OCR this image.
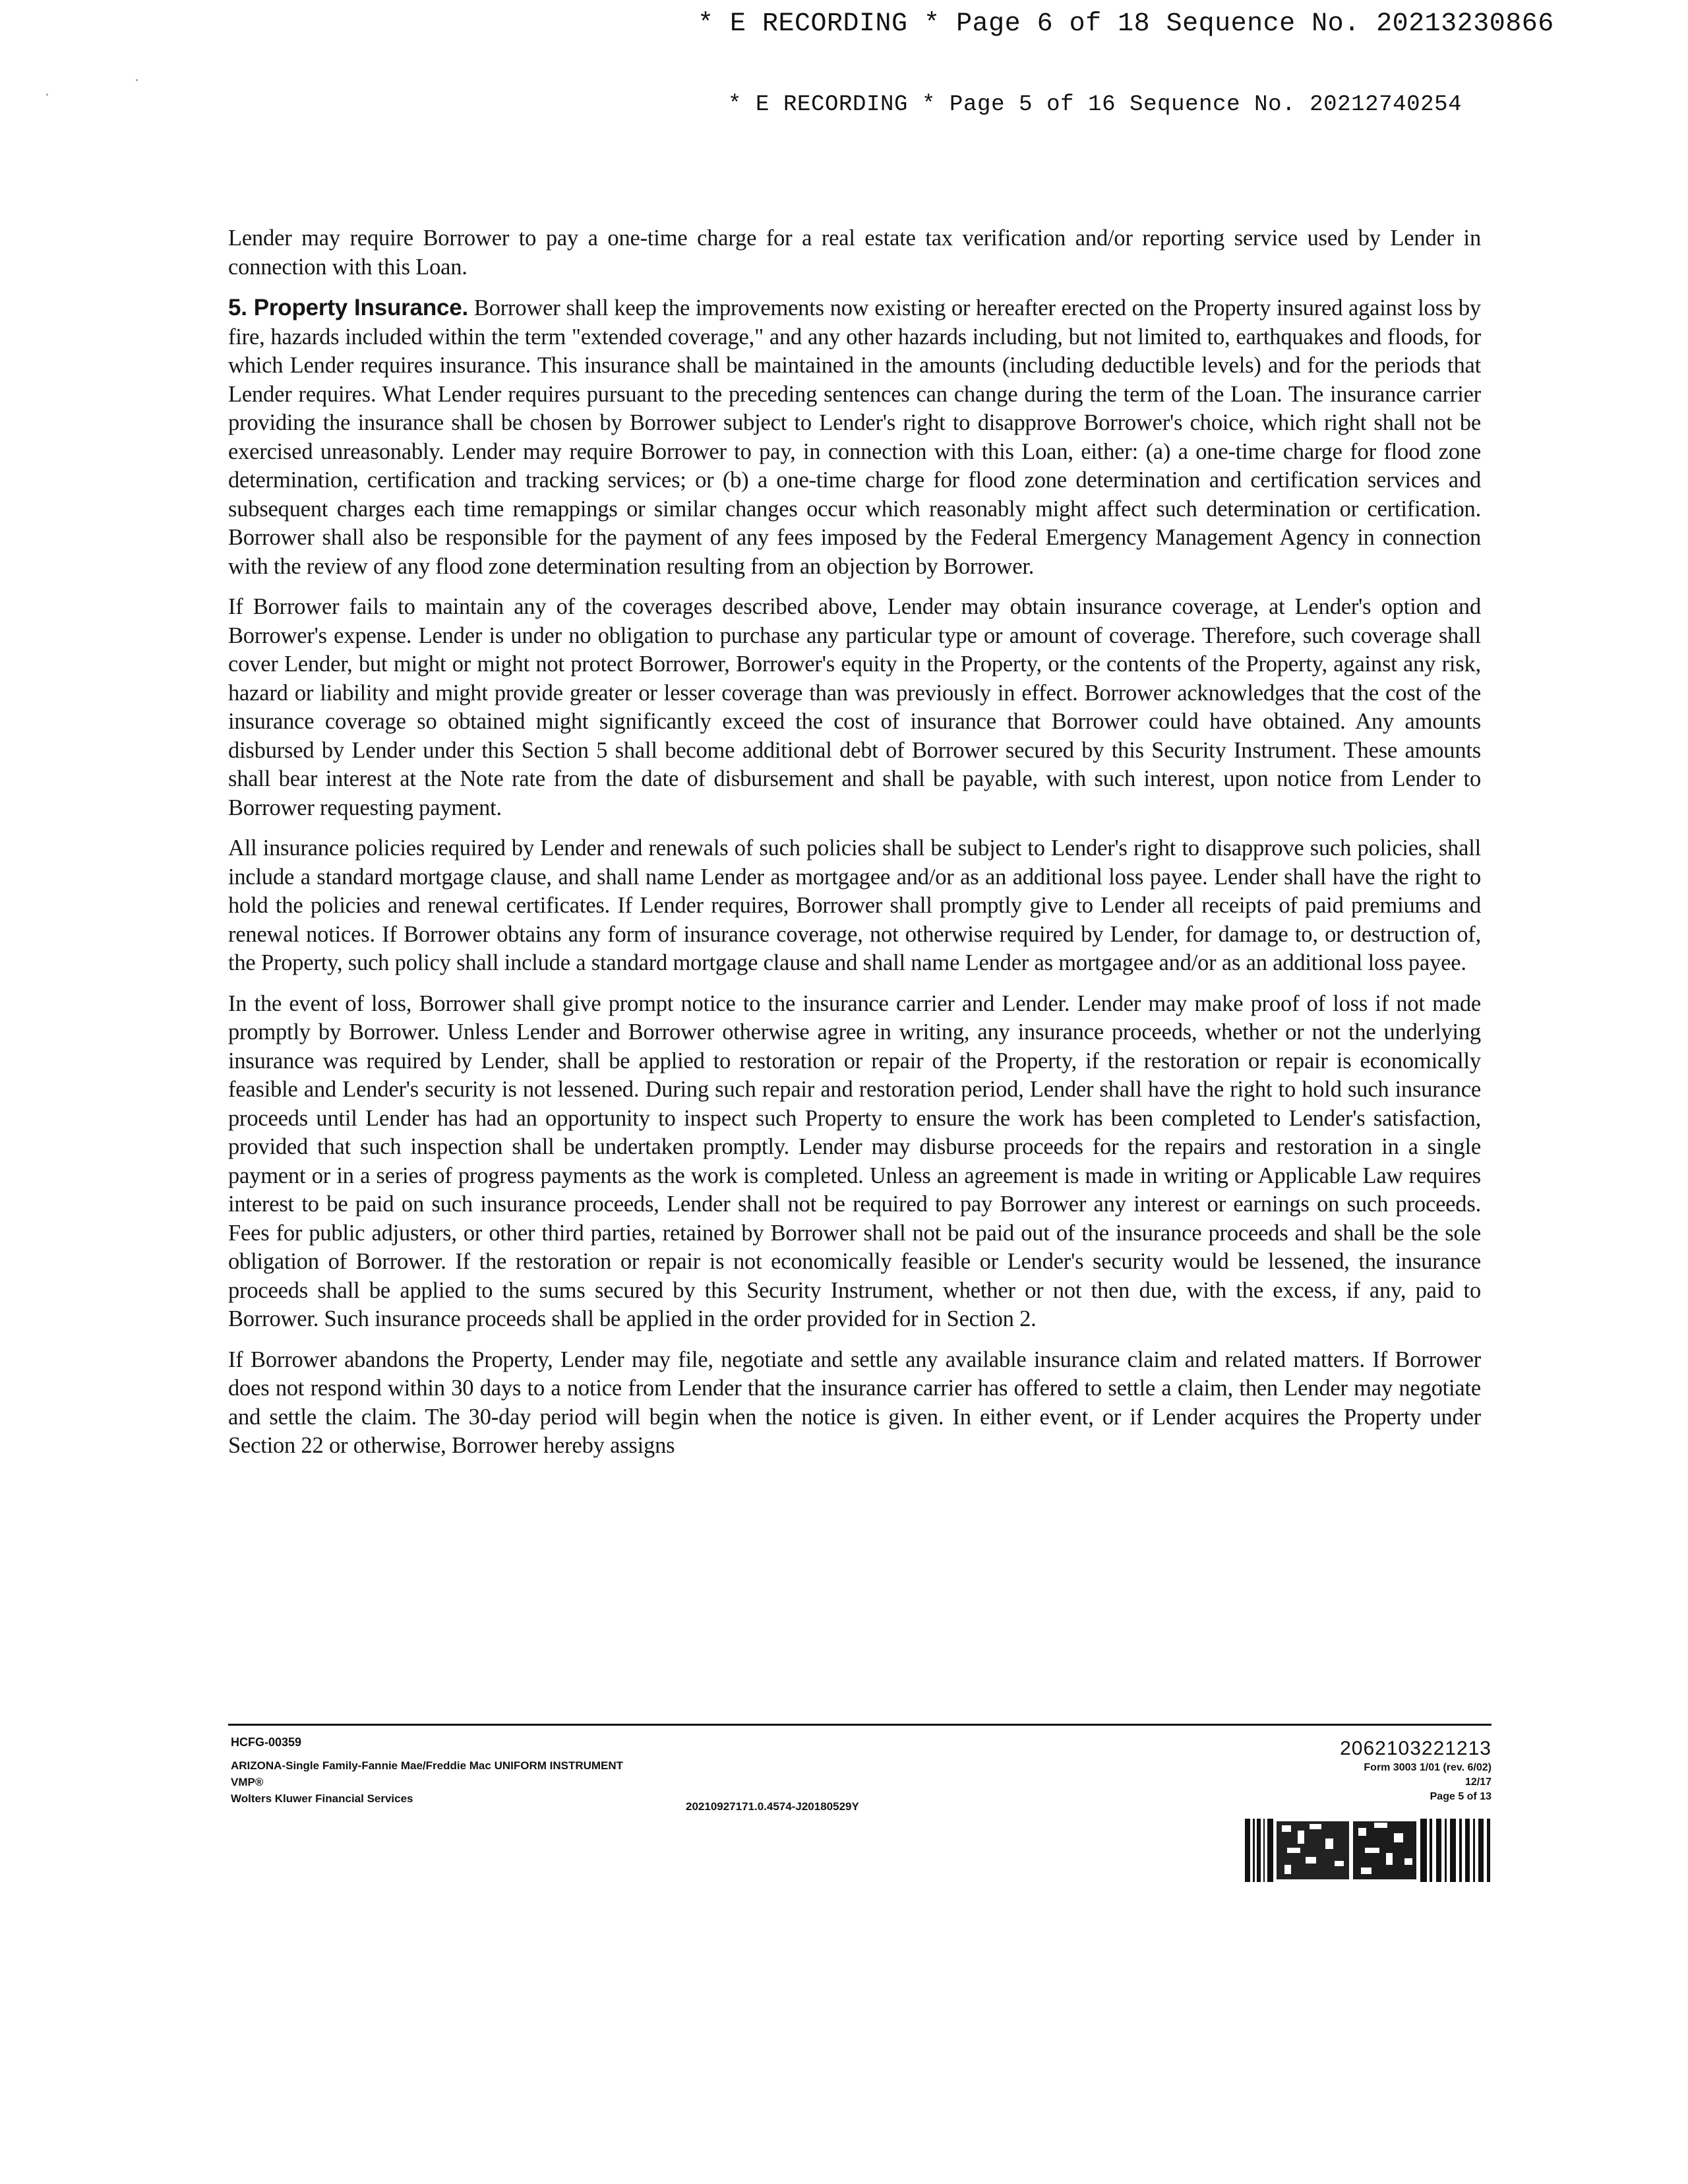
* E RECORDING * Page 6 of 18 Sequence No. 20213230866
* E RECORDING * Page 5 of 16 Sequence No. 20212740254

Lender may require Borrower to pay a one-time charge for a real estate tax verification and/or reporting service used by Lender in connection with this Loan.

5. Property Insurance. Borrower shall keep the improvements now existing or hereafter erected on the Property insured against loss by fire, hazards included within the term "extended coverage," and any other hazards including, but not limited to, earthquakes and floods, for which Lender requires insurance. This insurance shall be maintained in the amounts (including deductible levels) and for the periods that Lender requires. What Lender requires pursuant to the preceding sentences can change during the term of the Loan. The insurance carrier providing the insurance shall be chosen by Borrower subject to Lender's right to disapprove Borrower's choice, which right shall not be exercised unreasonably. Lender may require Borrower to pay, in connection with this Loan, either: (a) a one-time charge for flood zone determination, certification and tracking services; or (b) a one-time charge for flood zone determination and certification services and subsequent charges each time remappings or similar changes occur which reasonably might affect such determination or certification. Borrower shall also be responsible for the payment of any fees imposed by the Federal Emergency Management Agency in connection with the review of any flood zone determination resulting from an objection by Borrower.

If Borrower fails to maintain any of the coverages described above, Lender may obtain insurance coverage, at Lender's option and Borrower's expense. Lender is under no obligation to purchase any particular type or amount of coverage. Therefore, such coverage shall cover Lender, but might or might not protect Borrower, Borrower's equity in the Property, or the contents of the Property, against any risk, hazard or liability and might provide greater or lesser coverage than was previously in effect. Borrower acknowledges that the cost of the insurance coverage so obtained might significantly exceed the cost of insurance that Borrower could have obtained. Any amounts disbursed by Lender under this Section 5 shall become additional debt of Borrower secured by this Security Instrument. These amounts shall bear interest at the Note rate from the date of disbursement and shall be payable, with such interest, upon notice from Lender to Borrower requesting payment.

All insurance policies required by Lender and renewals of such policies shall be subject to Lender's right to disapprove such policies, shall include a standard mortgage clause, and shall name Lender as mortgagee and/or as an additional loss payee. Lender shall have the right to hold the policies and renewal certificates. If Lender requires, Borrower shall promptly give to Lender all receipts of paid premiums and renewal notices. If Borrower obtains any form of insurance coverage, not otherwise required by Lender, for damage to, or destruction of, the Property, such policy shall include a standard mortgage clause and shall name Lender as mortgagee and/or as an additional loss payee.

In the event of loss, Borrower shall give prompt notice to the insurance carrier and Lender. Lender may make proof of loss if not made promptly by Borrower. Unless Lender and Borrower otherwise agree in writing, any insurance proceeds, whether or not the underlying insurance was required by Lender, shall be applied to restoration or repair of the Property, if the restoration or repair is economically feasible and Lender's security is not lessened. During such repair and restoration period, Lender shall have the right to hold such insurance proceeds until Lender has had an opportunity to inspect such Property to ensure the work has been completed to Lender's satisfaction, provided that such inspection shall be undertaken promptly. Lender may disburse proceeds for the repairs and restoration in a single payment or in a series of progress payments as the work is completed. Unless an agreement is made in writing or Applicable Law requires interest to be paid on such insurance proceeds, Lender shall not be required to pay Borrower any interest or earnings on such proceeds. Fees for public adjusters, or other third parties, retained by Borrower shall not be paid out of the insurance proceeds and shall be the sole obligation of Borrower. If the restoration or repair is not economically feasible or Lender's security would be lessened, the insurance proceeds shall be applied to the sums secured by this Security Instrument, whether or not then due, with the excess, if any, paid to Borrower. Such insurance proceeds shall be applied in the order provided for in Section 2.

If Borrower abandons the Property, Lender may file, negotiate and settle any available insurance claim and related matters. If Borrower does not respond within 30 days to a notice from Lender that the insurance carrier has offered to settle a claim, then Lender may negotiate and settle the claim. The 30-day period will begin when the notice is given. In either event, or if Lender acquires the Property under Section 22 or otherwise, Borrower hereby assigns

HCFG-00359
ARIZONA-Single Family-Fannie Mae/Freddie Mac UNIFORM INSTRUMENT
VMP®
Wolters Kluwer Financial Services
20210927171.0.4574-J20180529Y
2062103221213
Form 3003 1/01 (rev. 6/02)
12/17
Page 5 of 13
